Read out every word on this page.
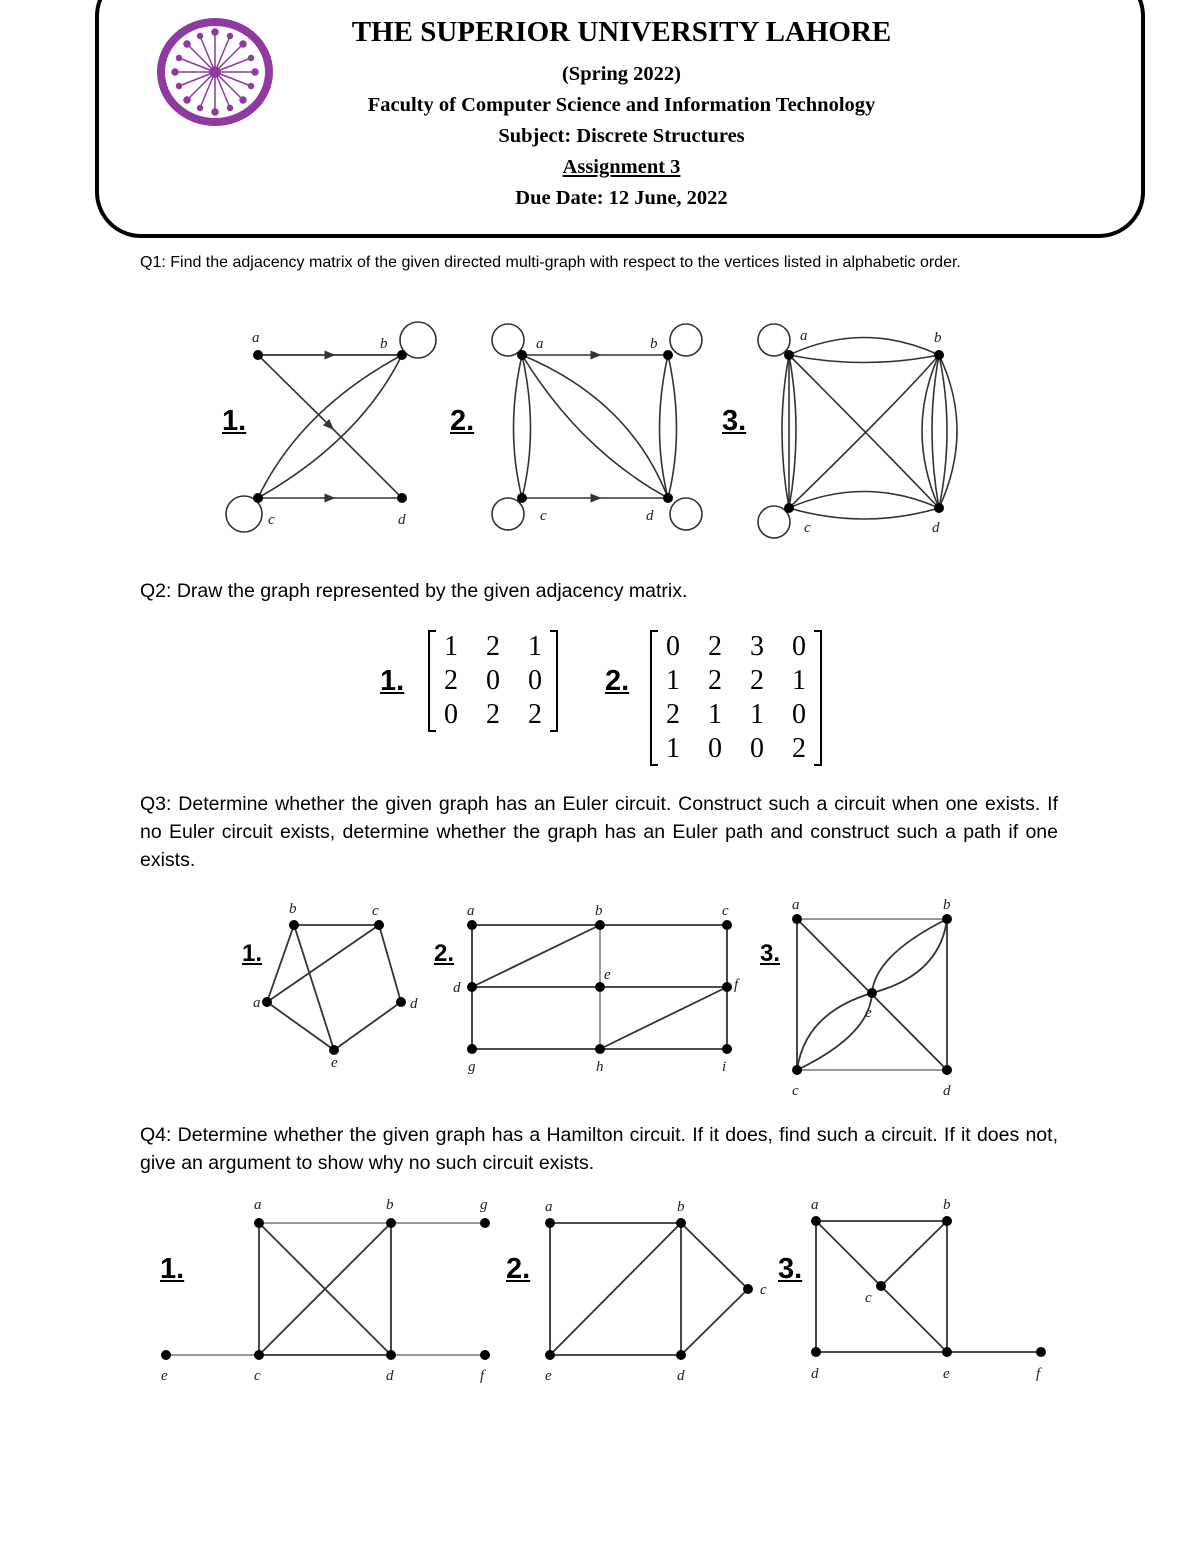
THE SUPERIOR UNIVERSITY LAHORE
(Spring 2022)
Faculty of Computer Science and Information Technology
Subject: Discrete Structures
Assignment 3
Due Date: 12 June, 2022
Q1: Find the adjacency matrix of the given directed multi-graph with respect to the vertices listed in alphabetic order.
a	b
c	d
a	b
c	d
a	b
c	d
1.	2.	3.
Q2: Draw the graph represented by the given adjacency matrix.
1.	2.
1	2	1
2	0	0
0	2	2
0	2	3	0
1	2	2	1
2	1	1	0
1	0	0	2
Q3: Determine whether the given graph has an Euler circuit. Construct such a circuit when one exists. If no Euler circuit exists, determine whether the graph has an Euler path and construct such a path if one exists.
1.	2.	3.
a
b	c
d
e
a	b	c
d
e
f
g	h	i
a	b
c	d
e
Q4: Determine whether the given graph has a Hamilton circuit. If it does, find such a circuit. If it does not, give an argument to show why no such circuit exists.
1.	2.	3.
a	b	g
e	c	d	f
a	b
c
e	d
a	b
c
d	e	f
